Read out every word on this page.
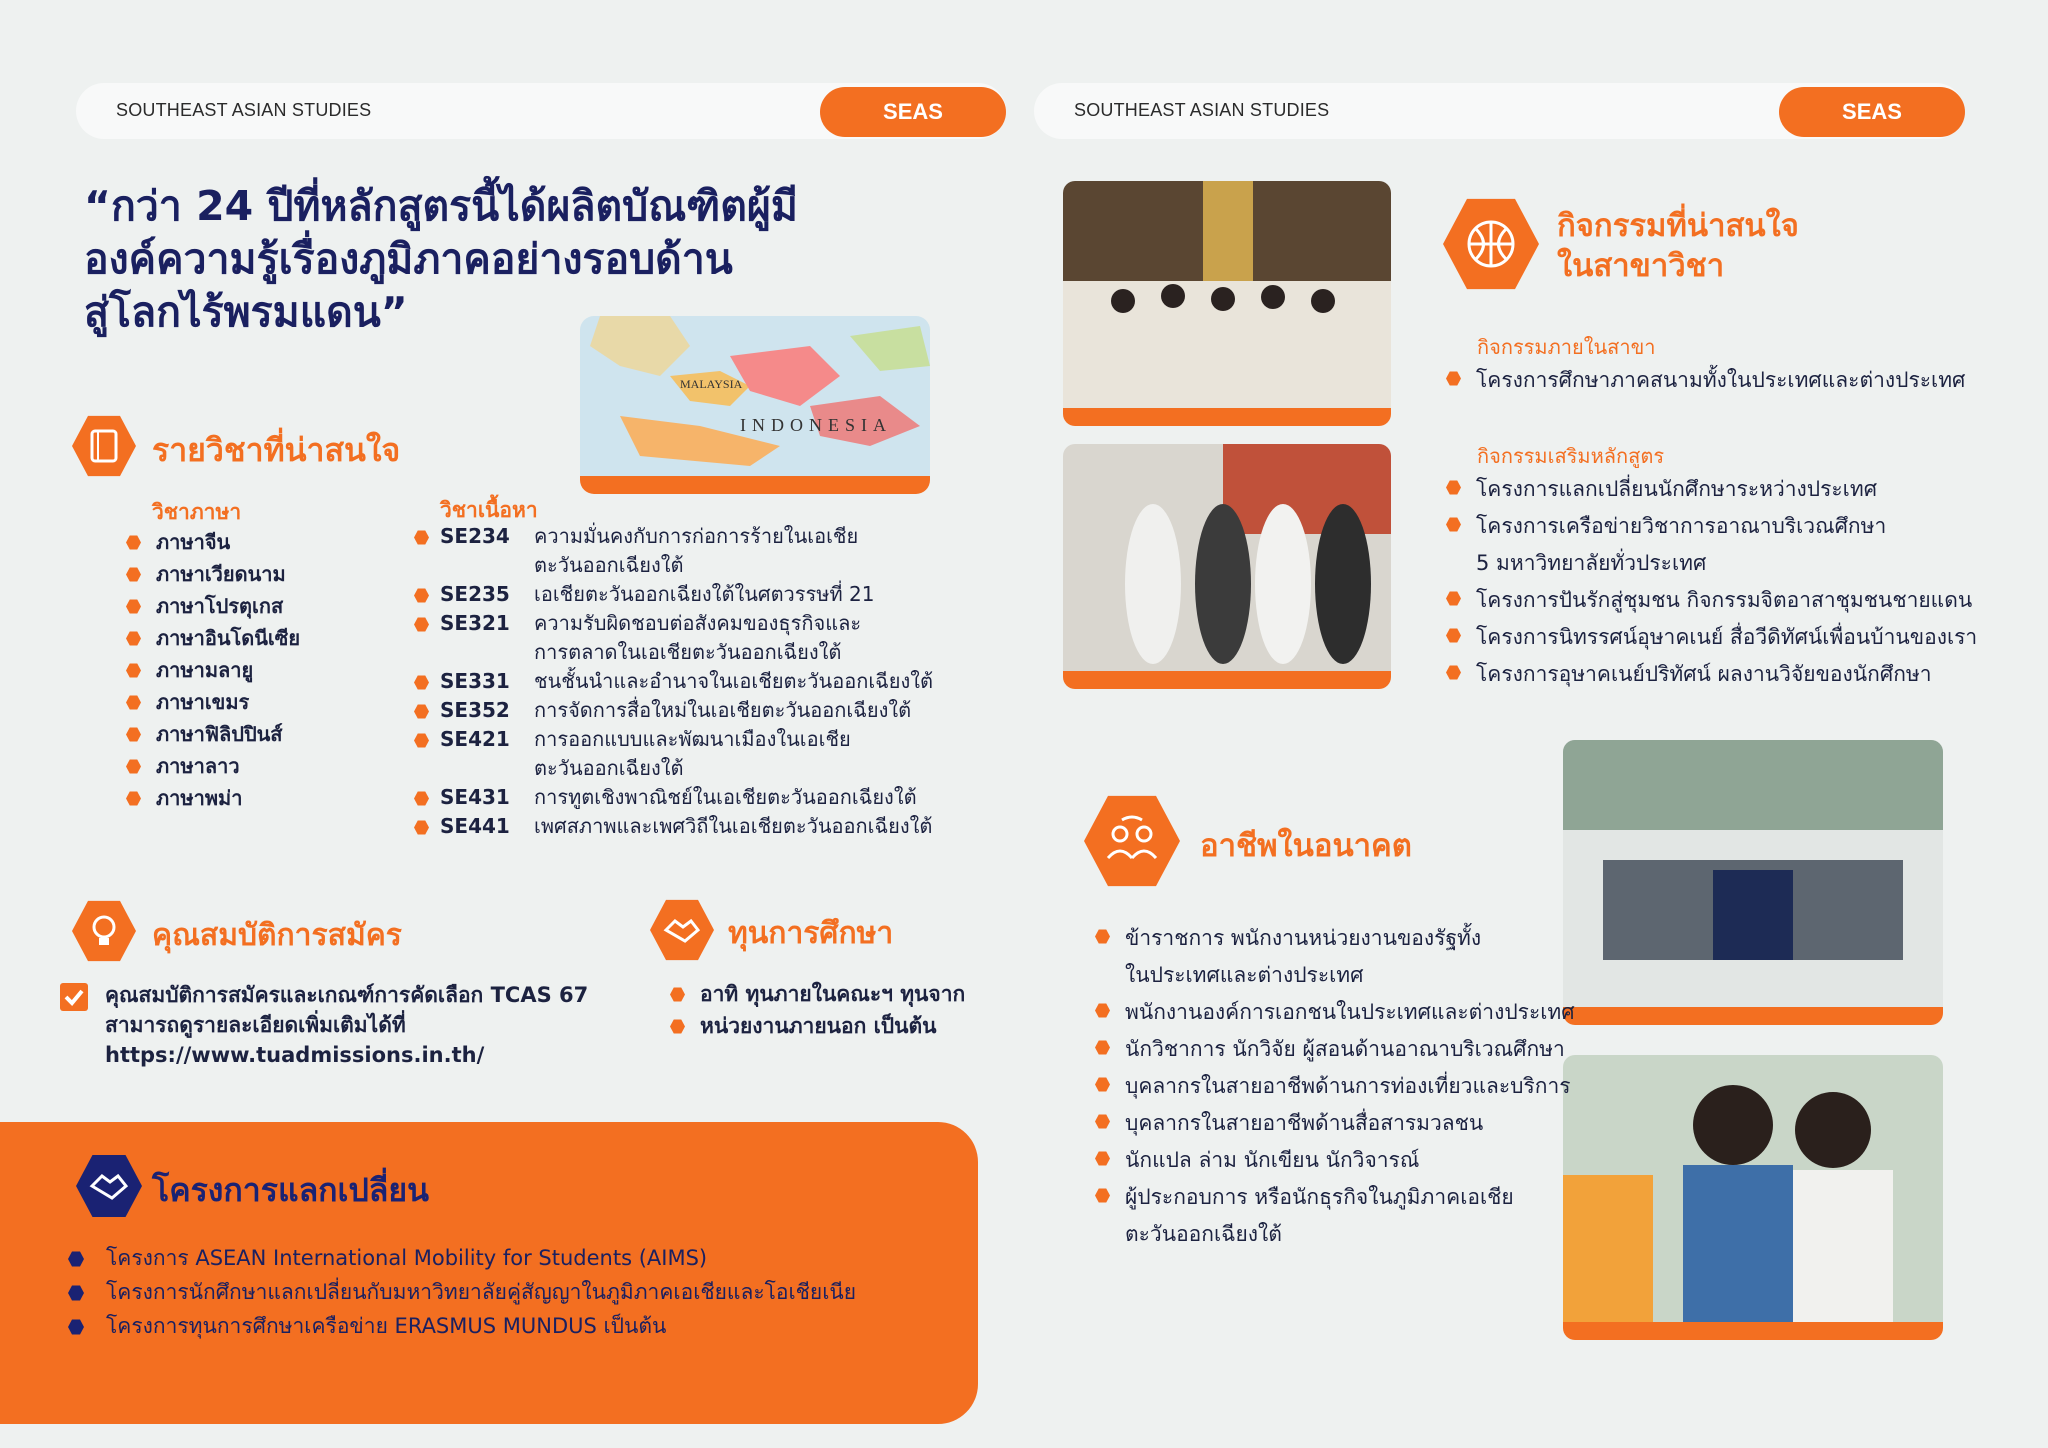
SOUTHEAST ASIAN STUDIES	SEAS	SOUTHEAST ASIAN STUDIES	SEAS
“กว่า 24 ปีที่หลักสูตรนี้ได้ผลิตบัณฑิตผู้มี
องค์ความรู้เรื่องภูมิภาคอย่างรอบด้าน
สู่โลกไร้พรมแดน”
MALAYSIA
INDONESIA
รายวิชาที่น่าสนใจ
วิชาภาษา
ภาษาจีน
ภาษาเวียดนาม
ภาษาโปรตุเกส
ภาษาอินโดนีเซีย
ภาษามลายู
ภาษาเขมร
ภาษาฟิลิปปินส์
ภาษาลาว
ภาษาพม่า
วิชาเนื้อหา
SE234	ความมั่นคงกับการก่อการร้ายในเอเชีย
ตะวันออกเฉียงใต้
SE235	เอเชียตะวันออกเฉียงใต้ในศตวรรษที่ 21
SE321	ความรับผิดชอบต่อสังคมของธุรกิจและ
การตลาดในเอเชียตะวันออกเฉียงใต้
SE331	ชนชั้นนำและอำนาจในเอเชียตะวันออกเฉียงใต้
SE352	การจัดการสื่อใหม่ในเอเชียตะวันออกเฉียงใต้
SE421	การออกแบบและพัฒนาเมืองในเอเชีย
ตะวันออกเฉียงใต้
SE431	การทูตเชิงพาณิชย์ในเอเชียตะวันออกเฉียงใต้
SE441	เพศสภาพและเพศวิถีในเอเชียตะวันออกเฉียงใต้
คุณสมบัติการสมัคร
คุณสมบัติการสมัครและเกณฑ์การคัดเลือก TCAS 67
สามารถดูรายละเอียดเพิ่มเติมได้ที่
https://www.tuadmissions.in.th/
ทุนการศึกษา
อาทิ ทุนภายในคณะฯ ทุนจาก
หน่วยงานภายนอก เป็นต้น
โครงการแลกเปลี่ยน
โครงการ ASEAN International Mobility for Students (AIMS)
โครงการนักศึกษาแลกเปลี่ยนกับมหาวิทยาลัยคู่สัญญาในภูมิภาคเอเชียและโอเชียเนีย
โครงการทุนการศึกษาเครือข่าย ERASMUS MUNDUS เป็นต้น
กิจกรรมที่น่าสนใจ
ในสาขาวิชา
กิจกรรมภายในสาขา
โครงการศึกษาภาคสนามทั้งในประเทศและต่างประเทศ
กิจกรรมเสริมหลักสูตร
โครงการแลกเปลี่ยนนักศึกษาระหว่างประเทศ
โครงการเครือข่ายวิชาการอาณาบริเวณศึกษา
5 มหาวิทยาลัยทั่วประเทศ
โครงการปันรักสู่ชุมชน กิจกรรมจิตอาสาชุมชนชายแดน
โครงการนิทรรศน์อุษาคเนย์ สื่อวีดิทัศน์เพื่อนบ้านของเรา
โครงการอุษาคเนย์ปริทัศน์ ผลงานวิจัยของนักศึกษา
อาชีพในอนาคต
ข้าราชการ พนักงานหน่วยงานของรัฐทั้ง
ในประเทศและต่างประเทศ
พนักงานองค์การเอกชนในประเทศและต่างประเทศ
นักวิชาการ นักวิจัย ผู้สอนด้านอาณาบริเวณศึกษา
บุคลากรในสายอาชีพด้านการท่องเที่ยวและบริการ
บุคลากรในสายอาชีพด้านสื่อสารมวลชน
นักแปล ล่าม นักเขียน นักวิจารณ์
ผู้ประกอบการ หรือนักธุรกิจในภูมิภาคเอเชีย
ตะวันออกเฉียงใต้
